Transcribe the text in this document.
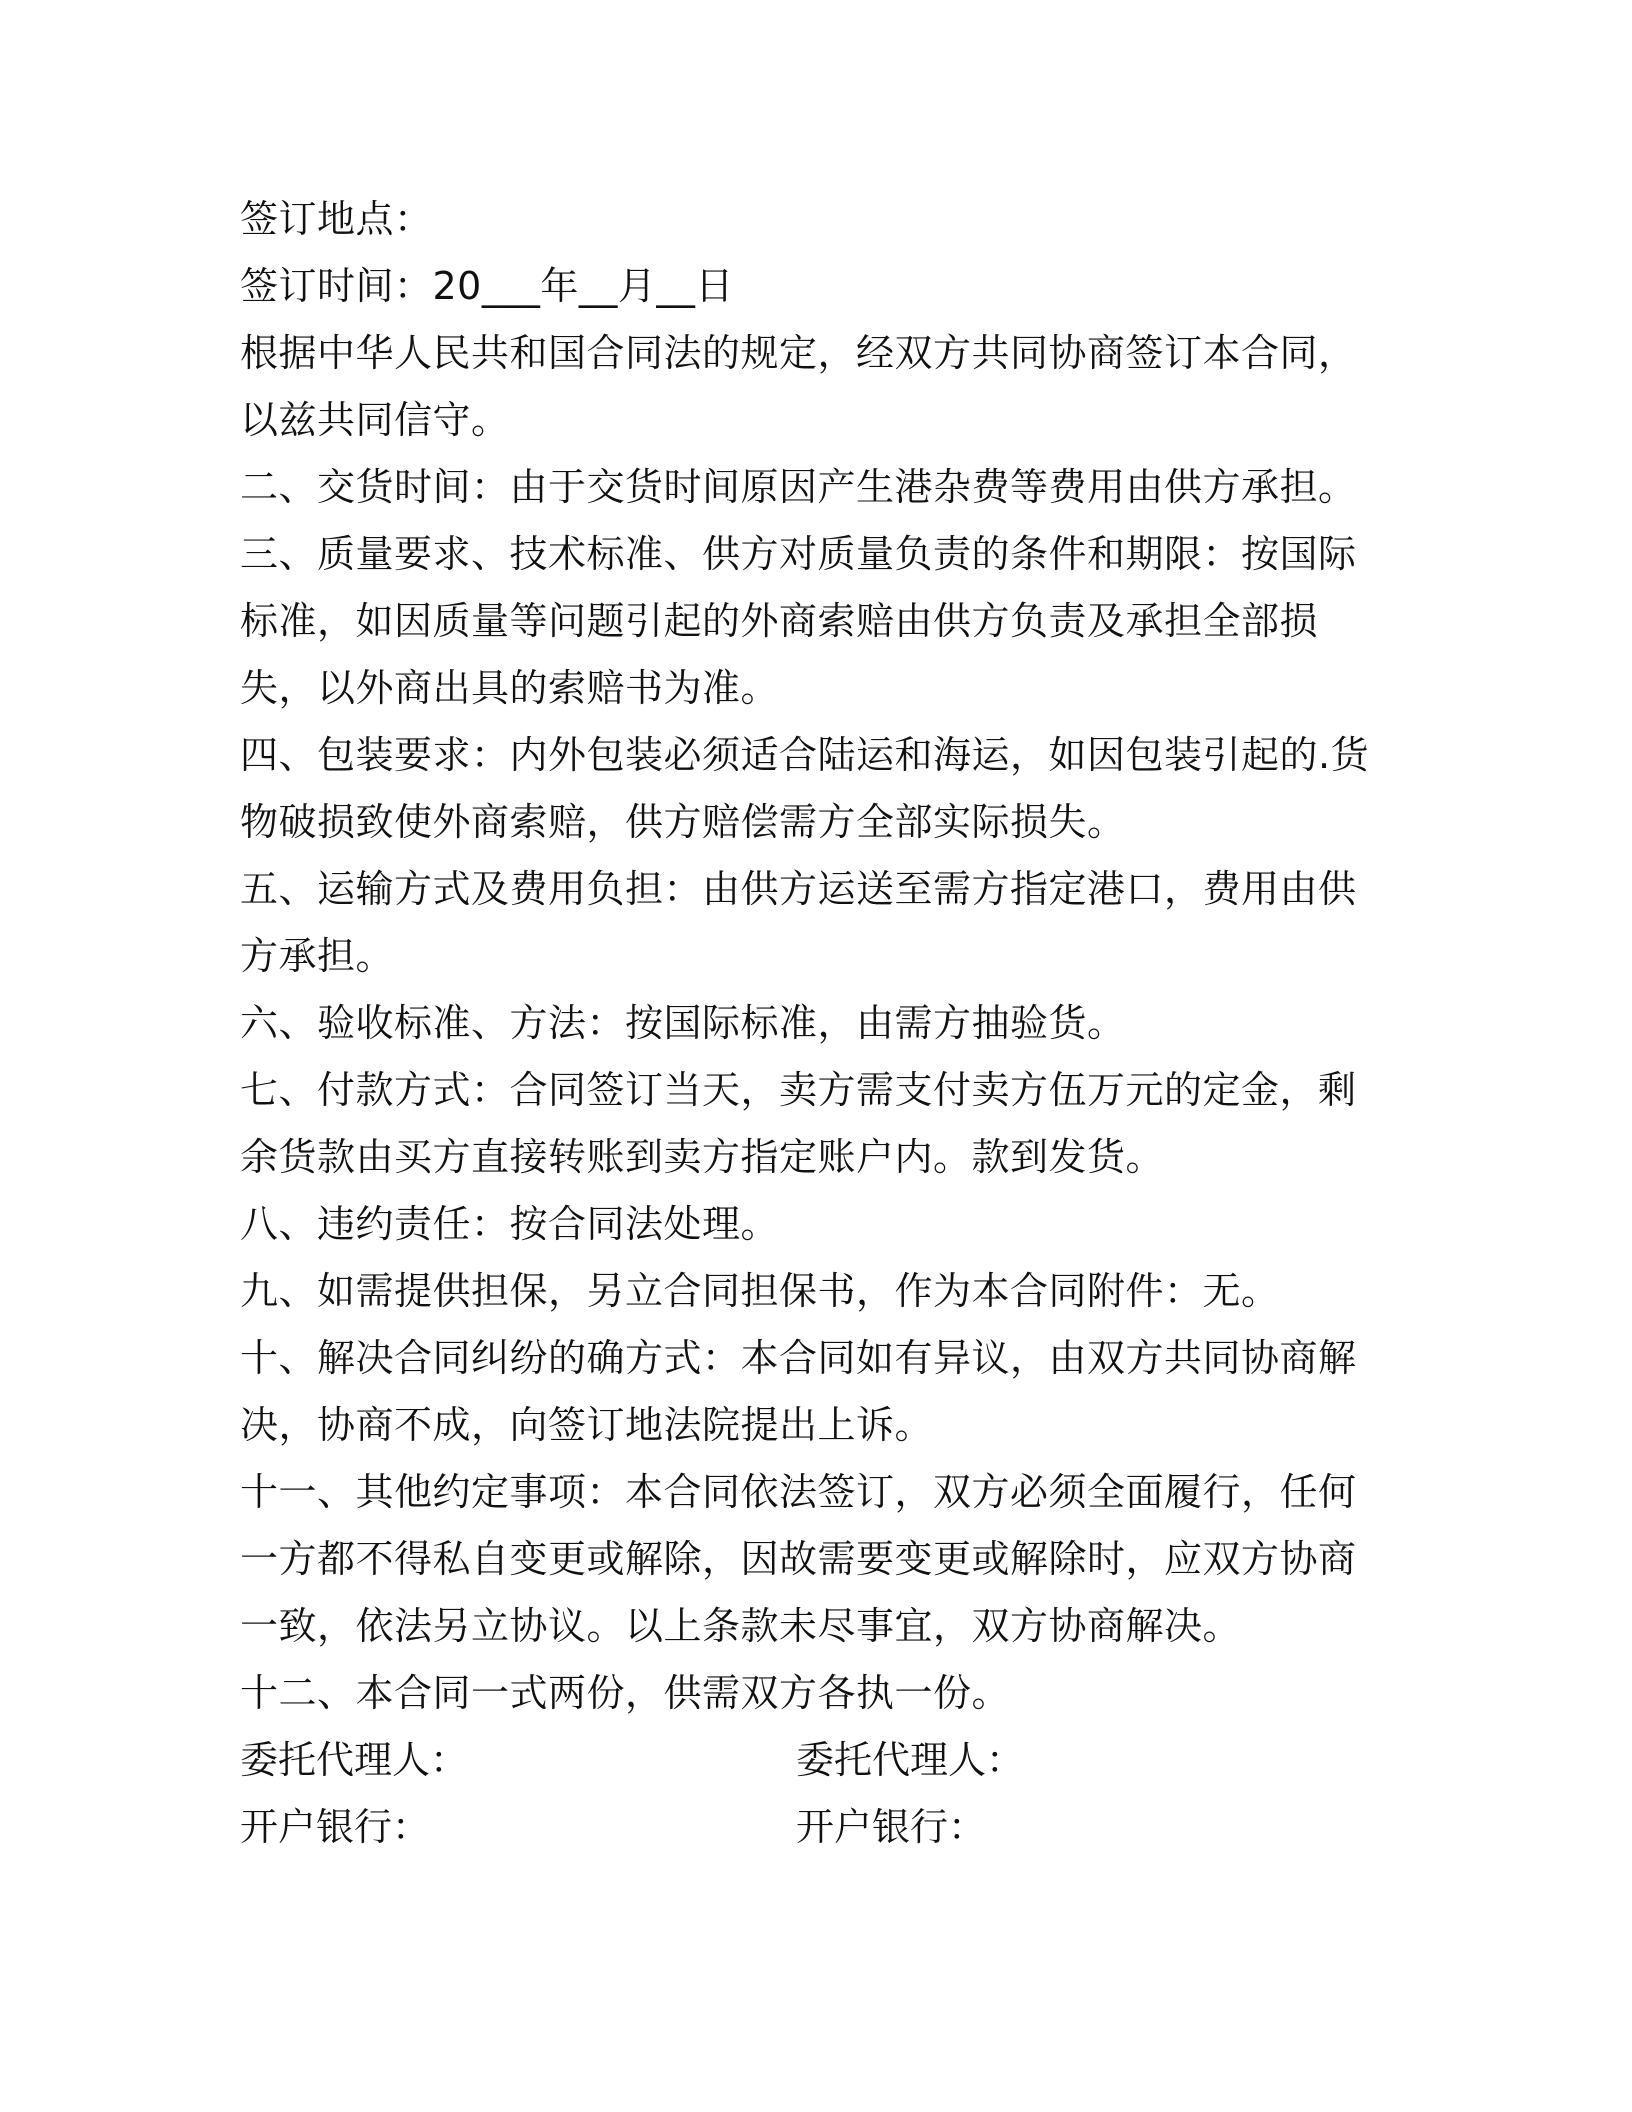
签订地点：
签订时间：20___年__月__日
根据中华人民共和国合同法的规定，经双方共同协商签订本合同，以兹共同信守。
二、交货时间：由于交货时间原因产生港杂费等费用由供方承担。
三、质量要求、技术标准、供方对质量负责的条件和期限：按国际标准，如因质量等问题引起的外商索赔由供方负责及承担全部损失，以外商出具的索赔书为准。
四、包装要求：内外包装必须适合陆运和海运，如因包装引起的.货物破损致使外商索赔，供方赔偿需方全部实际损失。
五、运输方式及费用负担：由供方运送至需方指定港口，费用由供方承担。
六、验收标准、方法：按国际标准，由需方抽验货。
七、付款方式：合同签订当天，卖方需支付卖方伍万元的定金，剩余货款由买方直接转账到卖方指定账户内。款到发货。
八、违约责任：按合同法处理。
九、如需提供担保，另立合同担保书，作为本合同附件：无。
十、解决合同纠纷的确方式：本合同如有异议，由双方共同协商解决，协商不成，向签订地法院提出上诉。
十一、其他约定事项：本合同依法签订，双方必须全面履行，任何一方都不得私自变更或解除，因故需要变更或解除时，应双方协商一致，依法另立协议。以上条款未尽事宜，双方协商解决。
十二、本合同一式两份，供需双方各执一份。
委托代理人：	委托代理人：
开户银行：	开户银行：
